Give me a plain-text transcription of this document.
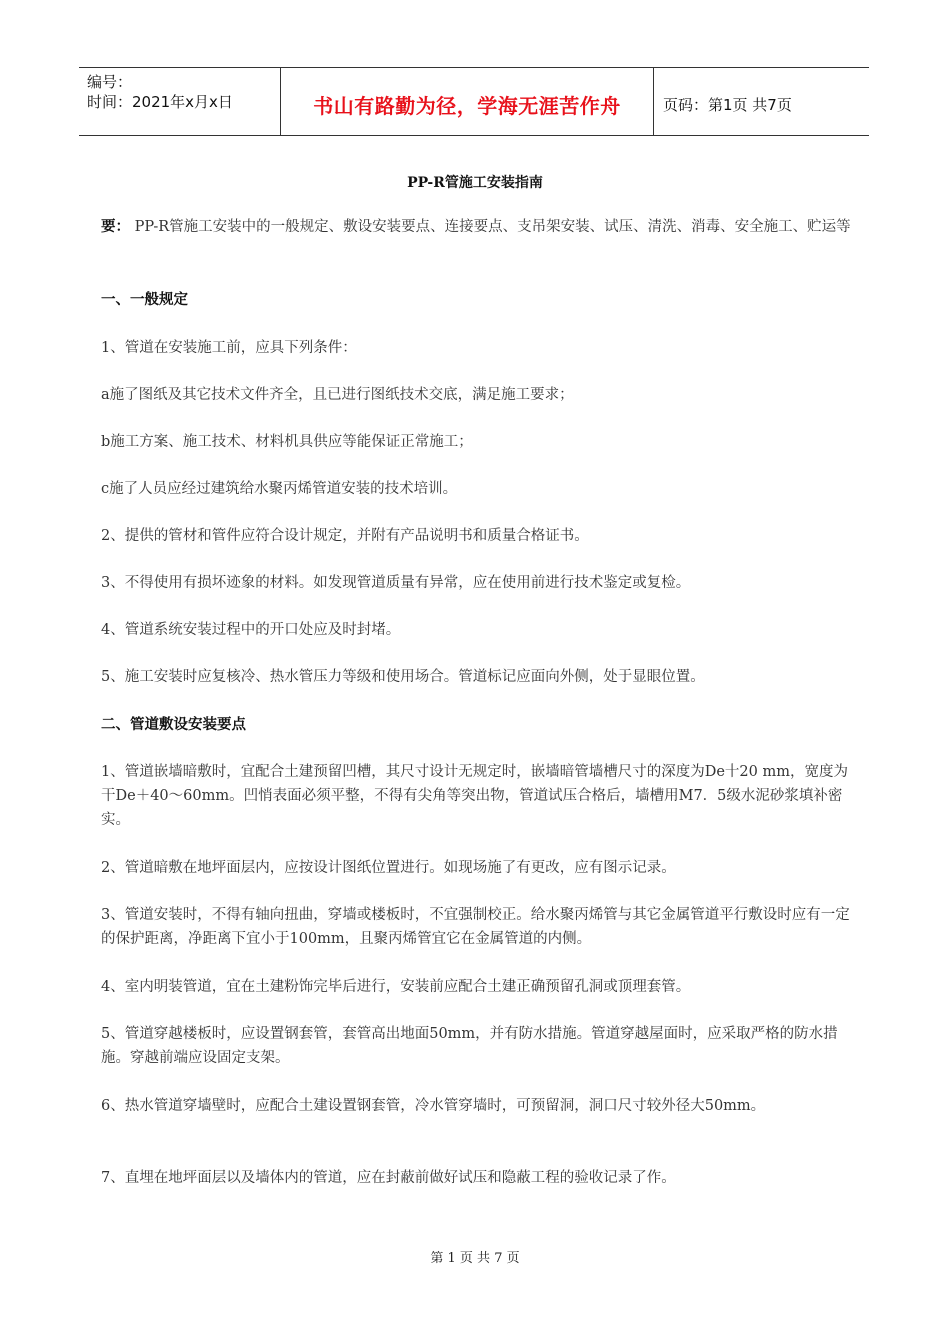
编号：
时间：2021年x月x日	书山有路勤为径，学海无涯苦作舟	页码：第1页 共7页
PP-R管施工安装指南

要： PP-R管施工安装中的一般规定、敷设安装要点、连接要点、支吊架安装、试压、清洗、消毒、安全施工、贮运等

一、一般规定

1、管道在安装施工前，应具下列条件：

a施了图纸及其它技术文件齐全，且已进行图纸技术交底，满足施工要求；

b施工方案、施工技术、材料机具供应等能保证正常施工；

c施了人员应经过建筑给水聚丙烯管道安装的技术培训。

2、提供的管材和管件应符合设计规定，并附有产品说明书和质量合格证书。

3、不得使用有损坏迹象的材料。如发现管道质量有异常，应在使用前进行技术鉴定或复检。

4、管道系统安装过程中的开口处应及时封堵。

5、施工安装时应复核冷、热水管压力等级和使用场合。管道标记应面向外侧，处于显眼位置。

二、管道敷设安装要点

1、管道嵌墙暗敷时，宜配合土建预留凹槽，其尺寸设计无规定时，嵌墙暗管墙槽尺寸的深度为De十20 mm，宽度为干De＋40～60mm。凹悄表面必须平整，不得有尖角等突出物，管道试压合格后，墙槽用M7．5级水泥砂浆填补密实。

2、管道暗敷在地坪面层内，应按设计图纸位置进行。如现场施了有更改，应有图示记录。

3、管道安装时，不得有轴向扭曲，穿墙或楼板时，不宜强制校正。给水聚丙烯管与其它金属管道平行敷设时应有一定的保护距离，净距离下宜小于100mm，且聚丙烯管宜它在金属管道的内侧。

4、室内明装管道，宜在土建粉饰完毕后进行，安装前应配合土建正确预留孔洞或顶理套管。

5、管道穿越楼板时，应设置钢套管，套管高出地面50mm，并有防水措施。管道穿越屋面时，应采取严格的防水措施。穿越前端应设固定支架。

6、热水管道穿墙壁时，应配合土建设置钢套管，冷水管穿墙时，可预留洞，洞口尺寸较外径大50mm。

7、直埋在地坪面层以及墙体内的管道，应在封蔽前做好试压和隐蔽工程的验收记录了作。

第 1 页 共 7 页
